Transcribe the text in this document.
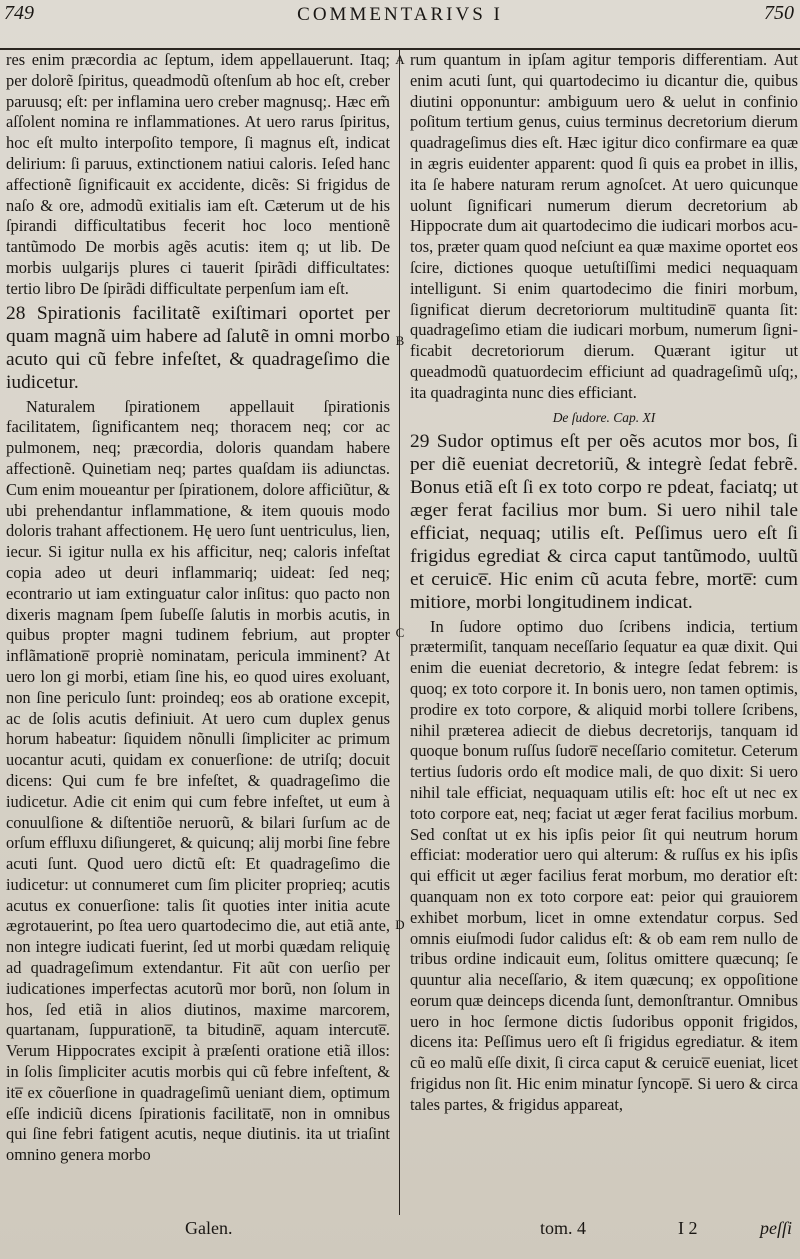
749	COMMENTARIVS I	750

res enim præcordia ac ſeptum, idem appellauerunt. Itaq; per dolorẽ ſpiritus, queadmodũ oſtenſum ab hoc eſt, creber paruusq; eſt: per inflamina uero creber magnusq;. Hæc em̃ aſſolent nomina re inflammationes. At uero rarus ſpiritus, hoc eſt multo interpoſito tempore, ſi magnus eſt, indicat delirium: ſi paruus, extinctionem natiui caloris. Ieſed hanc affectionẽ ſignificauit ex accidente, dicẽs: Si frigidus de naſo & ore, admodũ exitialis iam eſt. Cæterum ut de his ſpirandi difficultatibus fecerit hoc loco mentionẽ tantũmodo De morbis agẽs acutis: item q; ut lib. De morbis uulgarijs plures ci tauerit ſpirãdi difficultates: tertio libro De ſpirãdi difficultate perpenſum iam eſt.

28 Spirationis facilitatẽ exiſtimari oportet per quam magnã uim habere ad ſalutẽ in omni morbo acuto qui cũ febre infeſtet, & quadrageſimo die iudicetur.

Naturalem ſpirationem appellauit ſpirationis facilitatem, ſignificantem neq; thoracem neq; cor ac pulmonem, neq; præcordia, doloris quandam habere affectionẽ. Quinetiam neq; partes quaſdam iis adiunctas. Cum enim moueantur per ſpirationem, dolore afficiũtur, & ubi prehendantur inflammatione, & item quouis modo doloris trahant affectionem. Hę uero ſunt uentriculus, lien, iecur. Si igitur nulla ex his afficitur, neq; caloris infeſtat copia adeo ut deuri inflammariq; uideat: ſed neq; econtrario ut iam extinguatur calor inſitus: quo pacto non dixeris magnam ſpem ſubeſſe ſalutis in morbis acutis, in quibus propter magni tudinem febrium, aut propter inflãmatione̅ propriè nominatam, pericula imminent? At uero lon gi morbi, etiam ſine his, eo quod uires exoluant, non ſine periculo ſunt: proindeq; eos ab oratione excepit, ac de ſolis acutis definiuit. At uero cum duplex genus horum habeatur: ſiquidem nõnulli ſimpliciter ac primum uocantur acuti, quidam ex conuerſione: de utriſq; docuit dicens: Qui cum fe bre infeſtet, & quadrageſimo die iudicetur. Adie cit enim qui cum febre infeſtet, ut eum à conuulſione & diſtentiõe neruorũ, & bilari ſurſum ac de orſum effluxu diſiungeret, & quicunq; alij morbi ſine febre acuti ſunt. Quod uero dictũ eſt: Et quadrageſimo die iudicetur: ut connumeret cum ſim pliciter proprieq; acutis acutus ex conuerſione: talis ſit quoties inter initia acute ægrotauerint, po ſtea uero quartodecimo die, aut etiã ante, non integre iudicati fuerint, ſed ut morbi quædam reliquię ad quadrageſimum extendantur. Fit aũt con uerſio per iudicationes imperfectas acutorũ mor borũ, non ſolum in hos, ſed etiã in alios diutinos, maxime marcorem, quartanam, ſuppuratione̅, ta bitudine̅, aquam intercute̅. Verum Hippocrates excipit à præſenti oratione etiã illos: in ſolis ſimpliciter acutis morbis qui cũ febre infeſtent, & ite̅ ex cõuerſione in quadrageſimũ ueniant diem, optimum eſſe indiciũ dicens ſpirationis facilitate̅, non in omnibus qui ſine febri fatigent acutis, neque diutinis. ita ut triaſint omnino genera morbo

rum quantum in ipſam agitur temporis differentiam. Aut enim acuti ſunt, qui quartodecimo iu dicantur die, quibus diutini opponuntur: ambiguum uero & uelut in confinio poſitum tertium genus, cuius terminus decretorium dierum quadrageſimus dies eſt. Hæc igitur dico confirmare ea quæ in ægris euidenter apparent: quod ſi quis ea probet in illis, ita ſe habere naturam rerum agnoſcet. At uero quicunque uolunt ſignificari numerum dierum decretorium ab Hippocrate dum ait quartodecimo die iudicari morbos acutos, præter quam quod neſciunt ea quæ maxime oportet eos ſcire, dictiones quoque uetuſtiſſimi medici nequaquam intelligunt. Si enim quartodecimo die finiri morbum, ſignificat dierum decretoriorum multitudine̅ quanta ſit: quadrageſimo etiam die iudicari morbum, numerum ſignificabit decretoriorum dierum. Quærant igitur ut queadmodũ quatuordecim efficiunt ad quadrageſimũ uſq;, ita quadraginta nunc dies efficiant.

De ſudore. Cap. XI

29 Sudor optimus eſt per oẽs acutos mor bos, ſi per diẽ eueniat decretoriũ, & integrè ſedat febrẽ. Bonus etiã eſt ſi ex toto corpo re pdeat, faciatq; ut æger ferat facilius mor bum. Si uero nihil tale efficiat, nequaq; utilis eſt. Peſſimus uero eſt ſi frigidus egrediat & circa caput tantũmodo, uultũ et ceruice̅. Hic enim cũ acuta febre, morte̅: cum mitiore, morbi longitudinem indicat.

In ſudore optimo duo ſcribens indicia, tertium prætermiſit, tanquam neceſſario ſequatur ea quæ dixit. Qui enim die eueniat decretorio, & integre ſedat febrem: is quoq; ex toto corpore it. In bonis uero, non tamen optimis, prodire ex toto corpore, & aliquid morbi tollere ſcribens, nihil præterea adiecit de diebus decretorijs, tanquam id quoque bonum ruſſus ſudore̅ neceſſario comitetur. Ceterum tertius ſudoris ordo eſt modice mali, de quo dixit: Si uero nihil tale efficiat, nequaquam utilis eſt: hoc eſt ut nec ex toto corpore eat, neq; faciat ut æger ferat facilius morbum. Sed conſtat ut ex his ipſis peior ſit qui neutrum horum efficiat: moderatior uero qui alterum: & ruſſus ex his ipſis qui efficit ut æger facilius ferat morbum, mo deratior eſt: quanquam non ex toto corpore eat: peior qui grauiorem exhibet morbum, licet in omne extendatur corpus. Sed omnis eiuſmodi ſudor calidus eſt: & ob eam rem nullo de tribus ordine indicauit eum, ſolitus omittere quæcunq; ſe quuntur alia neceſſario, & item quæcunq; ex oppoſitione eorum quæ deinceps dicenda ſunt, demonſtrantur. Omnibus uero in hoc ſermone dictis ſudoribus opponit frigidos, dicens ita: Peſſimus uero eſt ſi frigidus egrediatur. & item cũ eo malũ eſſe dixit, ſi circa caput & ceruice̅ eueniat, licet frigidus non ſit. Hic enim minatur ſyncope̅. Si uero & circa tales partes, & frigidus appareat,

A
B
C
D
Galen.	tom. 4	I 2	peſſi
